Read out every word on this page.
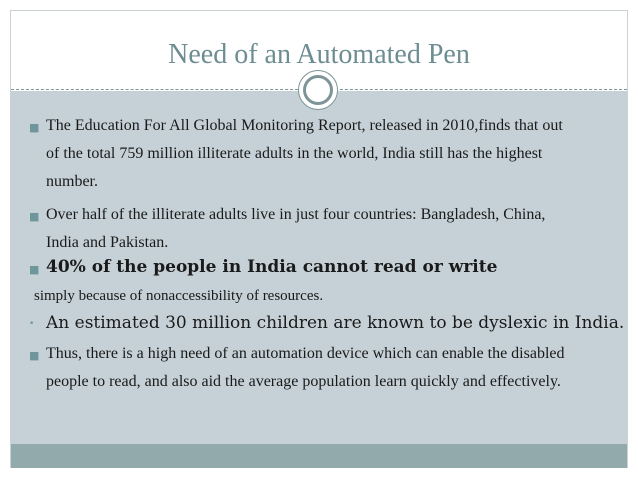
Need of an Automated Pen
■ The Education For All Global Monitoring Report, released in 2010,finds that out
of the total 759 million illiterate adults in the world, India still has the highest
number.
■ Over half of the illiterate adults live in just four countries: Bangladesh, China,
India and Pakistan.
■ 40% of the people in India cannot read or write
simply because of nonaccessibility of resources.
• An estimated 30 million children are known to be dyslexic in India.
■ Thus, there is a high need of an automation device which can enable the disabled
people to read, and also aid the average population learn quickly and effectively.
